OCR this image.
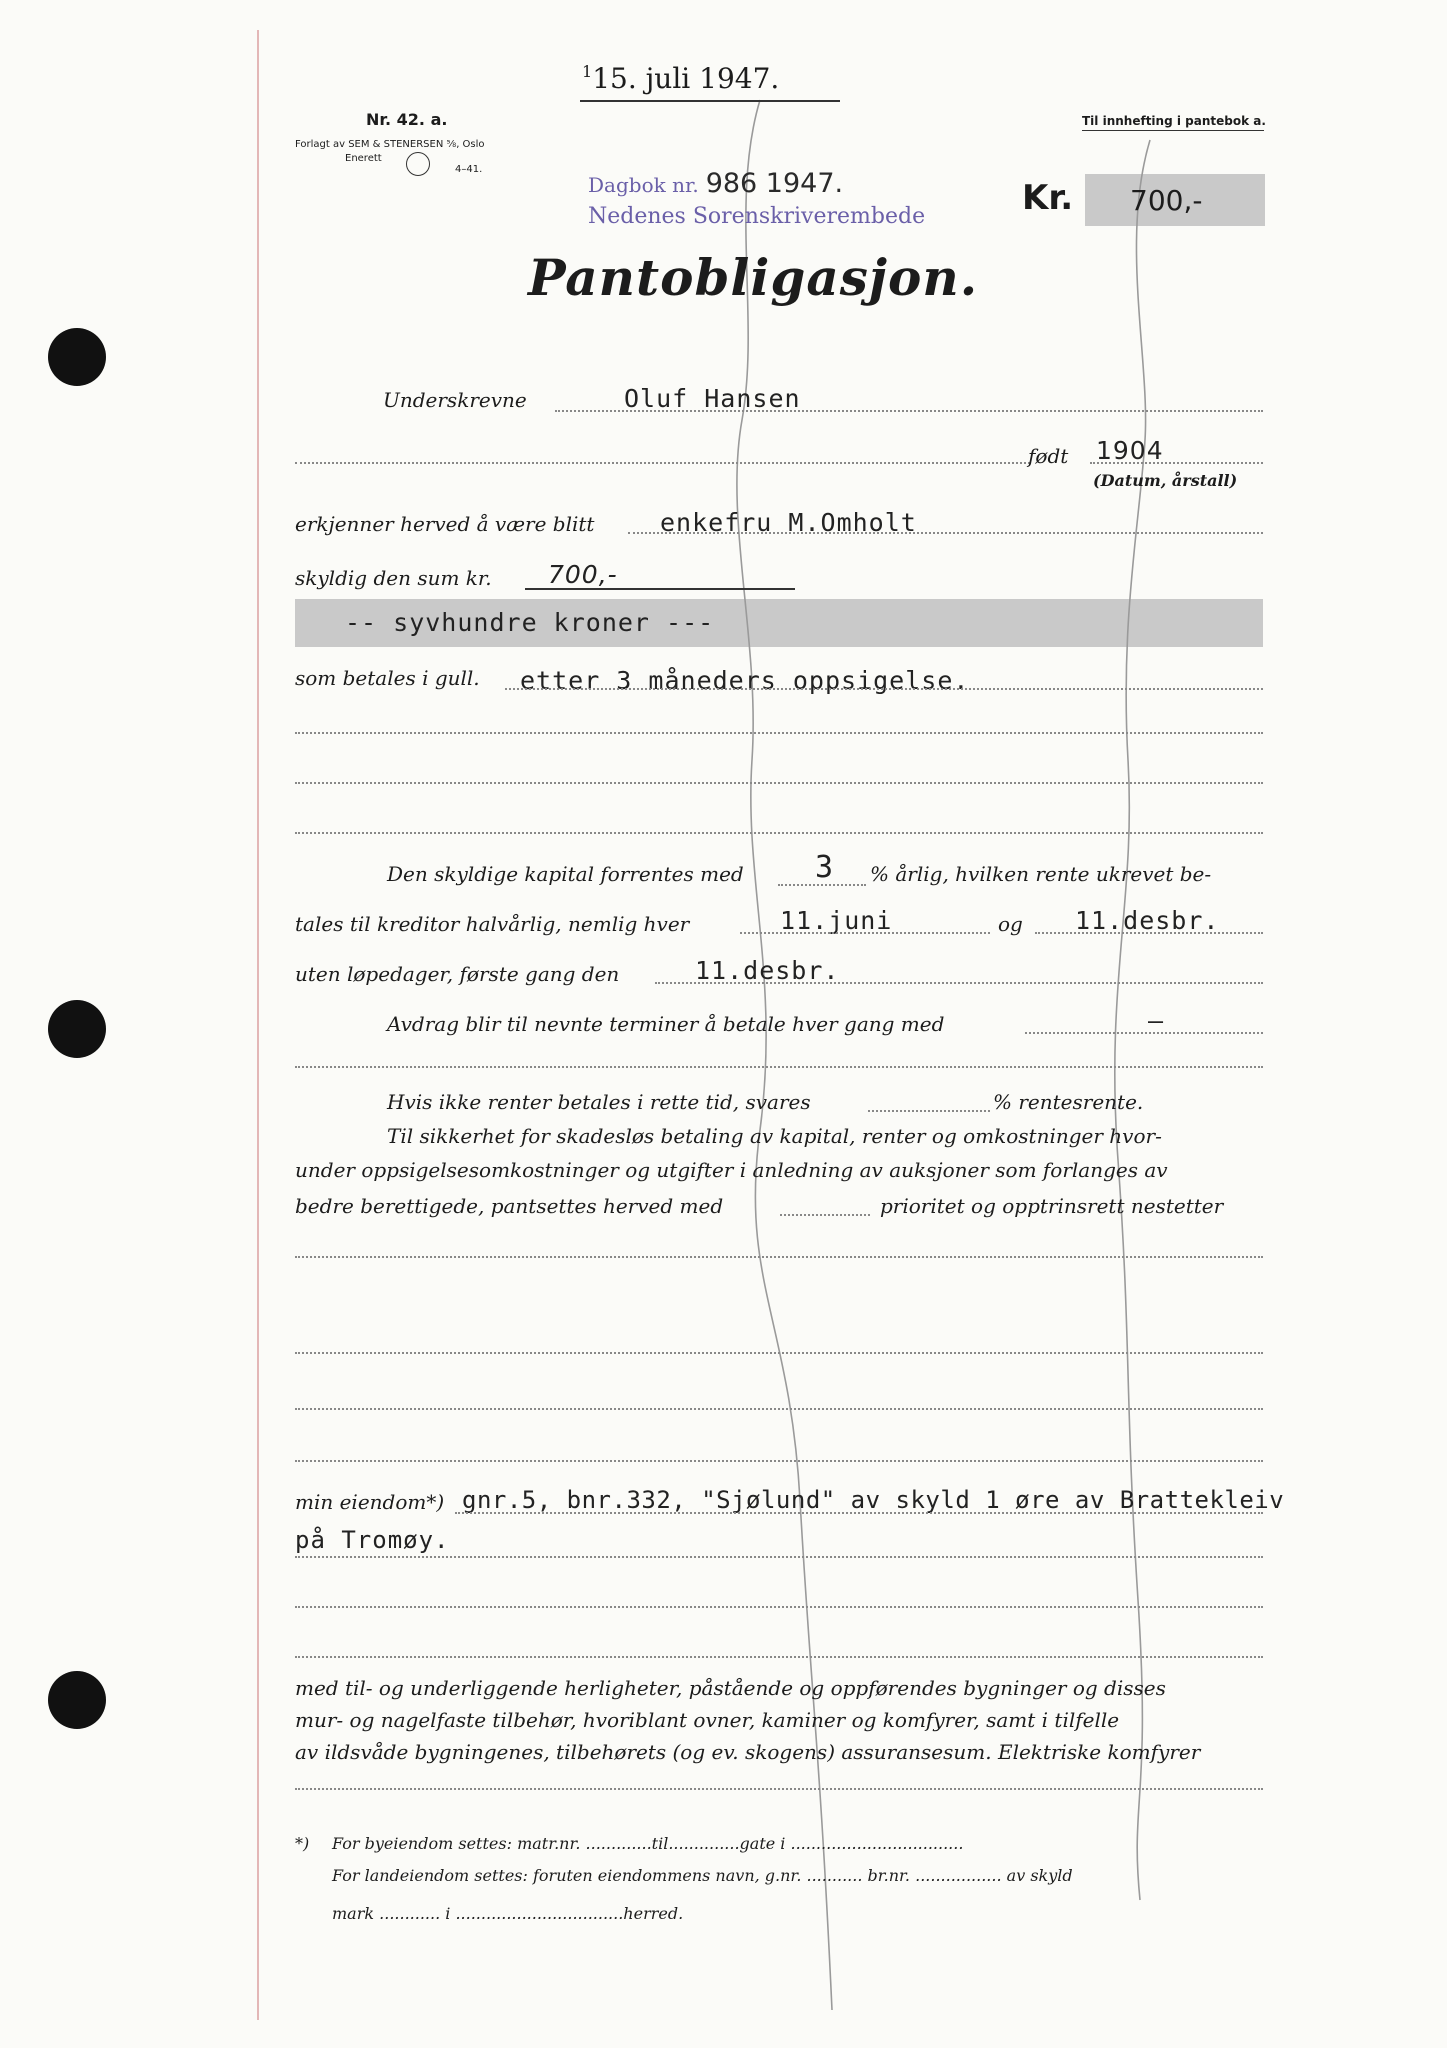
$^1$15. juli 1947.
Nr. 42. a.
Forlagt av SEM & STENERSEN ⅝, Oslo
Enerett
4–41.
Til innhefting i pantebok a.
Dagbok nr. 986 1947.
Nedenes Sorenskriverembede	Kr. 700,-
Pantobligasjon.
Underskrevne	Oluf Hansen
født 1904
(Datum, årstall)
erkjenner herved å være blitt	enkefru M.Omholt
skyldig den sum kr. 700,-
-- syvhundre kroner ---
som betales i gull. etter 3 måneders oppsigelse.
Den skyldige kapital forrentes med 3 % årlig, hvilken rente ukrevet be-
tales til kreditor halvårlig, nemlig hver	11.juni	og 11.desbr.
uten løpedager, første gang den	11.desbr.
Avdrag blir til nevnte terminer å betale hver gang med	–
Hvis ikke renter betales i rette tid, svares	% rentesrente.
Til sikkerhet for skadesløs betaling av kapital, renter og omkostninger hvor-
under oppsigelsesomkostninger og utgifter i anledning av auksjoner som forlanges av
bedre berettigede, pantsettes herved med	prioritet og opptrinsrett nestetter
min eiendom*) gnr.5, bnr.332, "Sjølund" av skyld 1 øre av Brattekleiv
på Tromøy.
med til- og underliggende herligheter, påstående og oppførendes bygninger og disses
mur- og nagelfaste tilbehør, hvoriblant ovner, kaminer og komfyrer, samt i tilfelle
av ildsvåde bygningenes, tilbehørets (og ev. skogens) assuransesum. Elektriske komfyrer
*) For byeiendom settes: matr.nr. .............til..............gate i ..................................
For landeiendom settes: foruten eiendommens navn, g.nr. ........... br.nr. ................. av skyld
mark ............ i .................................herred.
